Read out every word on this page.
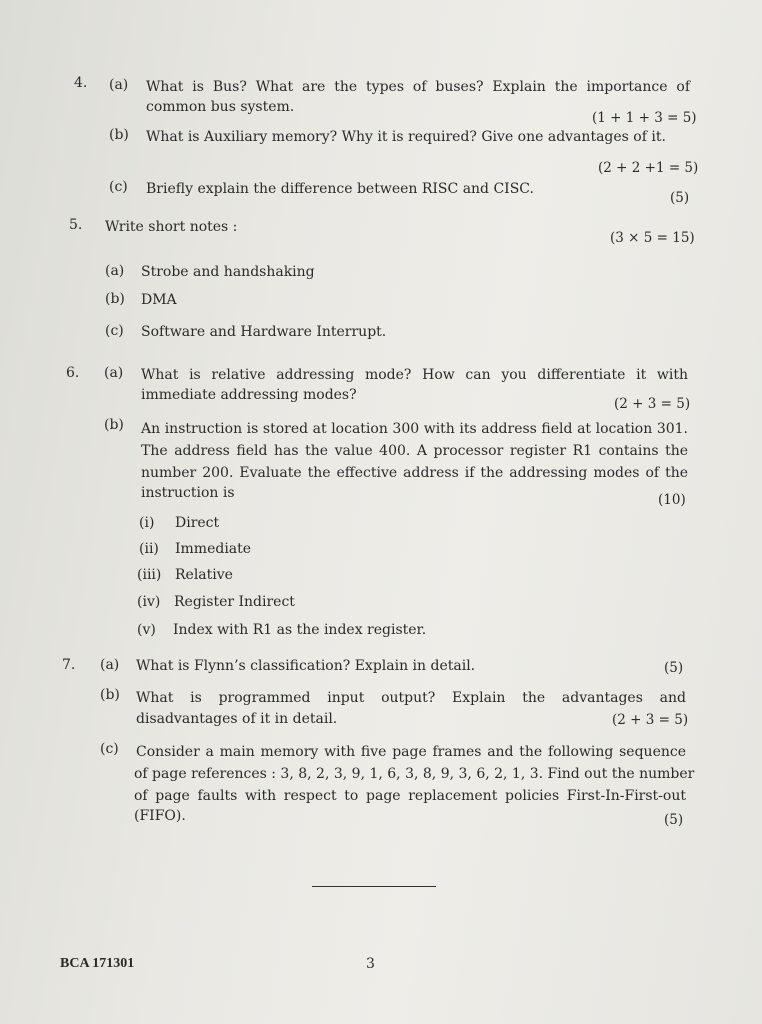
4. (a) What is Bus? What are the types of buses? Explain the importance of
common bus system.
(1 + 1 + 3 = 5)
(b) What is Auxiliary memory? Why it is required? Give one advantages of it.
(2 + 2 +1 = 5)
(c) Briefly explain the difference between RISC and CISC.
(5)
5. Write short notes :
(3 × 5 = 15)
(a) Strobe and handshaking
(b) DMA
(c) Software and Hardware Interrupt.
6. (a) What is relative addressing mode? How can you differentiate it with
immediate addressing modes?
(2 + 3 = 5)
(b) An instruction is stored at location 300 with its address field at location 301.
The address field has the value 400. A processor register R1 contains the
number 200. Evaluate the effective address if the addressing modes of the
instruction is	(10)
(i) Direct
(ii) Immediate
(iii) Relative
(iv) Register Indirect
(v) Index with R1 as the index register.
7. (a) What is Flynn’s classification? Explain in detail.	(5)
(b) What is programmed input output? Explain the advantages and
disadvantages of it in detail.	(2 + 3 = 5)
(c) Consider a main memory with five page frames and the following sequence
of page references : 3, 8, 2, 3, 9, 1, 6, 3, 8, 9, 3, 6, 2, 1, 3. Find out the number
of page faults with respect to page replacement policies First-In-First-out
(FIFO).	(5)
BCA 171301	3
